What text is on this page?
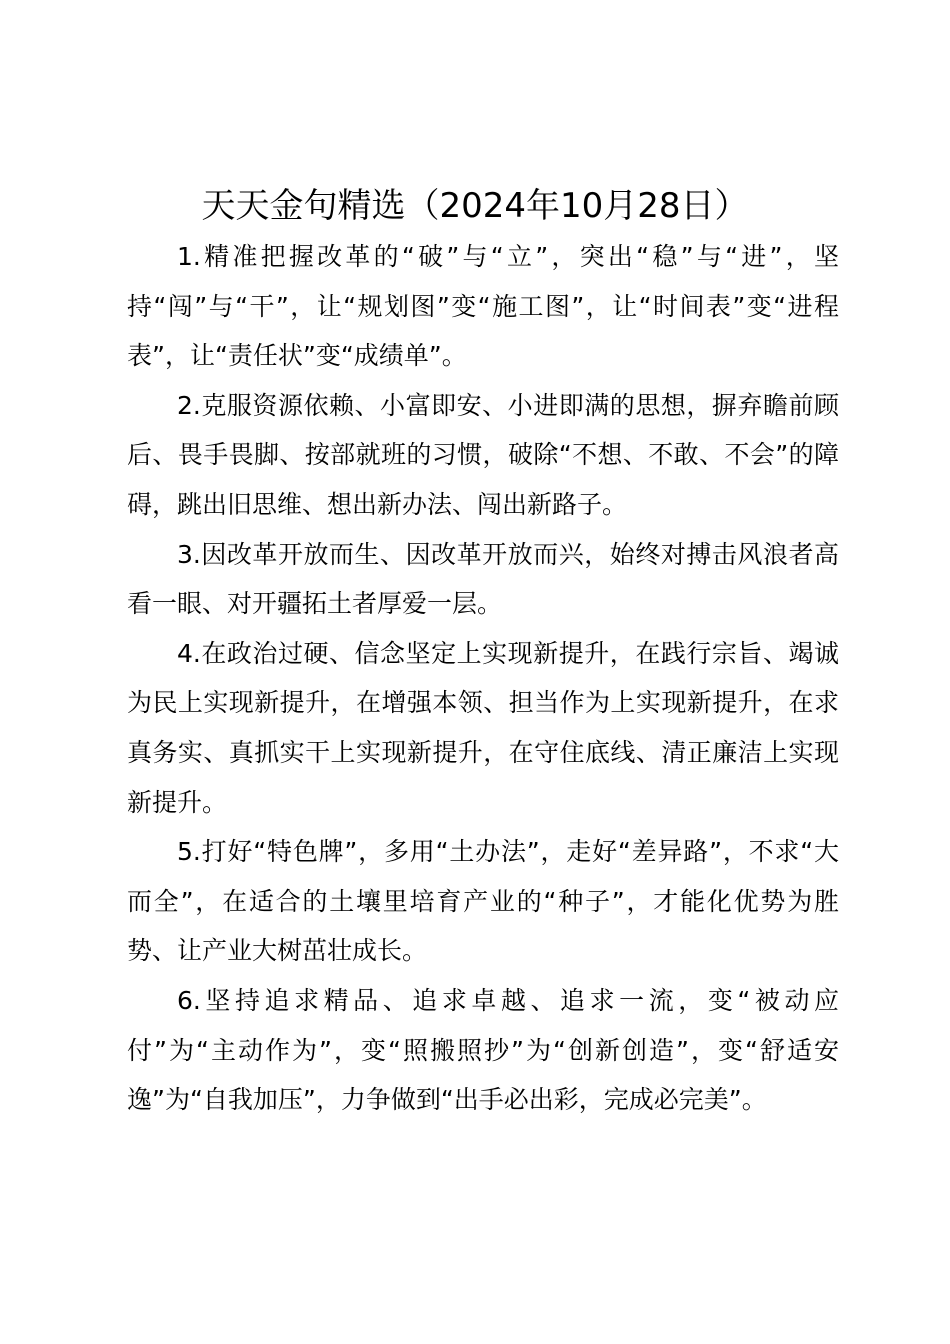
天天金句精选（2024年10月28日）

1.精准把握改革的“破”与“立”，突出“稳”与“进”，坚持“闯”与“干”，让“规划图”变“施工图”，让“时间表”变“进程表”，让“责任状”变“成绩单”。

2.克服资源依赖、小富即安、小进即满的思想，摒弃瞻前顾后、畏手畏脚、按部就班的习惯，破除“不想、不敢、不会”的障碍，跳出旧思维、想出新办法、闯出新路子。

3.因改革开放而生、因改革开放而兴，始终对搏击风浪者高看一眼、对开疆拓土者厚爱一层。

4.在政治过硬、信念坚定上实现新提升，在践行宗旨、竭诚为民上实现新提升，在增强本领、担当作为上实现新提升，在求真务实、真抓实干上实现新提升，在守住底线、清正廉洁上实现新提升。

5.打好“特色牌”，多用“土办法”，走好“差异路”，不求“大而全”，在适合的土壤里培育产业的“种子”，才能化优势为胜势、让产业大树茁壮成长。

6.坚持追求精品、追求卓越、追求一流，变“被动应付”为“主动作为”，变“照搬照抄”为“创新创造”，变“舒适安逸”为“自我加压”，力争做到“出手必出彩，完成必完美”。
